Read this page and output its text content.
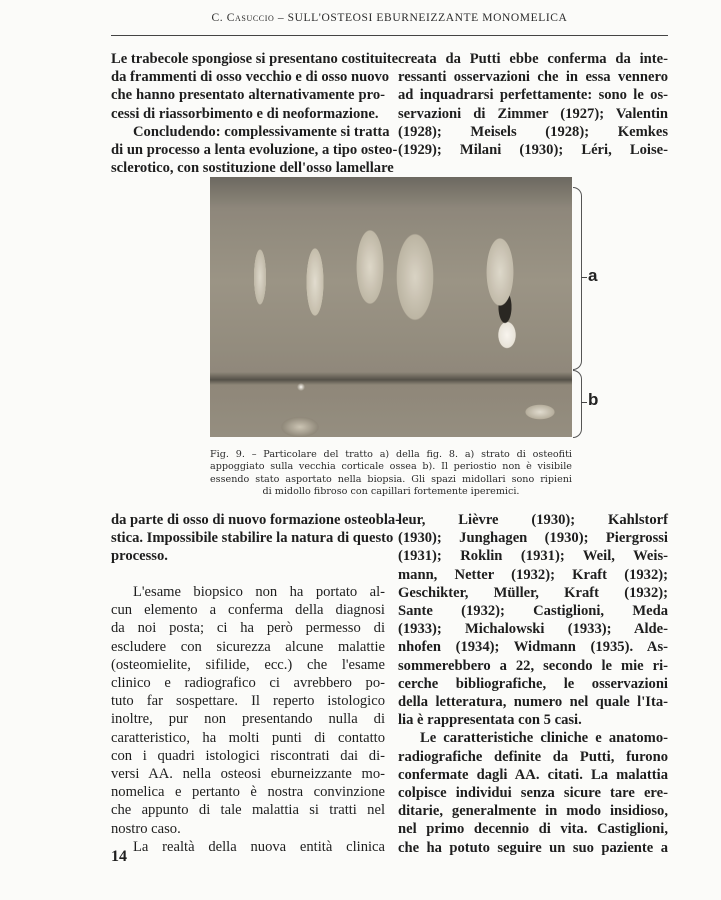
C. Casuccio – SULL'OSTEOSI EBURNEIZZANTE MONOMELICA
Le trabecole spongiose si presentano costituite
da frammenti di osso vecchio e di osso nuovo
che hanno presentato alternativamente pro-
cessi di riassorbimento e di neoformazione.
Concludendo: complessivamente si tratta
di un processo a lenta evoluzione, a tipo osteo-
sclerotico, con sostituzione dell'osso lamellare
creata da Putti ebbe conferma da inte-
ressanti osservazioni che in essa vennero
ad inquadrarsi perfettamente: sono le os-
servazioni di Zimmer (1927); Valentin
(1928); Meisels (1928); Kemkes
(1929); Milani (1930); Léri, Loise-
a
b
Fig. 9. – Particolare del tratto a) della fig. 8. a) strato di osteofiti
appoggiato sulla vecchia corticale ossea b). Il periostio non è visibile
essendo stato asportato nella biopsia. Gli spazi midollari sono ripieni
di midollo fibroso con capillari fortemente iperemici.
da parte di osso di nuovo formazione osteobla-
stica. Impossibile stabilire la natura di questo
processo.
L'esame biopsico non ha portato al-
cun elemento a conferma della diagnosi
da noi posta; ci ha però permesso di
escludere con sicurezza alcune malattie
(osteomielite, sifilide, ecc.) che l'esame
clinico e radiografico ci avrebbero po-
tuto far sospettare. Il reperto istologico
inoltre, pur non presentando nulla di
caratteristico, ha molti punti di contatto
con i quadri istologici riscontrati dai di-
versi AA. nella osteosi eburneizzante mo-
nomelica e pertanto è nostra convinzione
che appunto di tale malattia si tratti nel
nostro caso.
La realtà della nuova entità clinica
leur, Lièvre (1930); Kahlstorf
(1930); Junghagen (1930); Piergrossi
(1931); Roklin (1931); Weil, Weis-
mann, Netter (1932); Kraft (1932);
Geschikter, Müller, Kraft (1932);
Sante (1932); Castiglioni, Meda
(1933); Michalowski (1933); Alde-
nhofen (1934); Widmann (1935). As-
sommerebbero a 22, secondo le mie ri-
cerche bibliografiche, le osservazioni
della letteratura, numero nel quale l'Ita-
lia è rappresentata con 5 casi.
Le caratteristiche cliniche e anatomo-
radiografiche definite da Putti, furono
confermate dagli AA. citati. La malattia
colpisce individui senza sicure tare ere-
ditarie, generalmente in modo insidioso,
nel primo decennio di vita. Castiglioni,
che ha potuto seguire un suo paziente a
14
